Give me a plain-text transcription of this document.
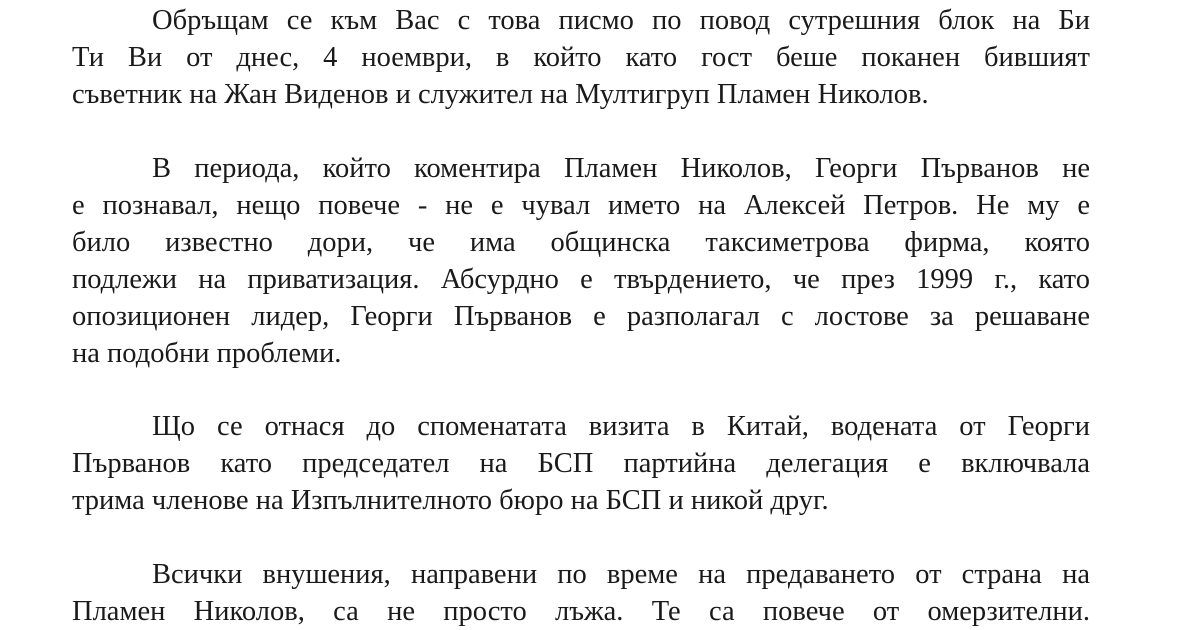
Обръщам се към Вас с това писмо по повод сутрешния блок на Би
Ти Ви от днес, 4 ноември, в който като гост беше поканен бившият
съветник на Жан Виденов и служител на Мултигруп Пламен Николов.
В периода, който коментира Пламен Николов, Георги Първанов не
е познавал, нещо повече - не е чувал името на Алексей Петров. Не му е
било известно дори, че има общинска таксиметрова фирма, която
подлежи на приватизация. Абсурдно е твърдението, че през 1999 г., като
опозиционен лидер, Георги Първанов е разполагал с лостове за решаване
на подобни проблеми.
Що се отнася до споменатата визита в Китай, водената от Георги
Първанов като председател на БСП партийна делегация е включвала
трима членове на Изпълнителното бюро на БСП и никой друг.
Всички внушения, направени по време на предаването от страна на
Пламен Николов, са не просто лъжа. Те са повече от омерзителни.
